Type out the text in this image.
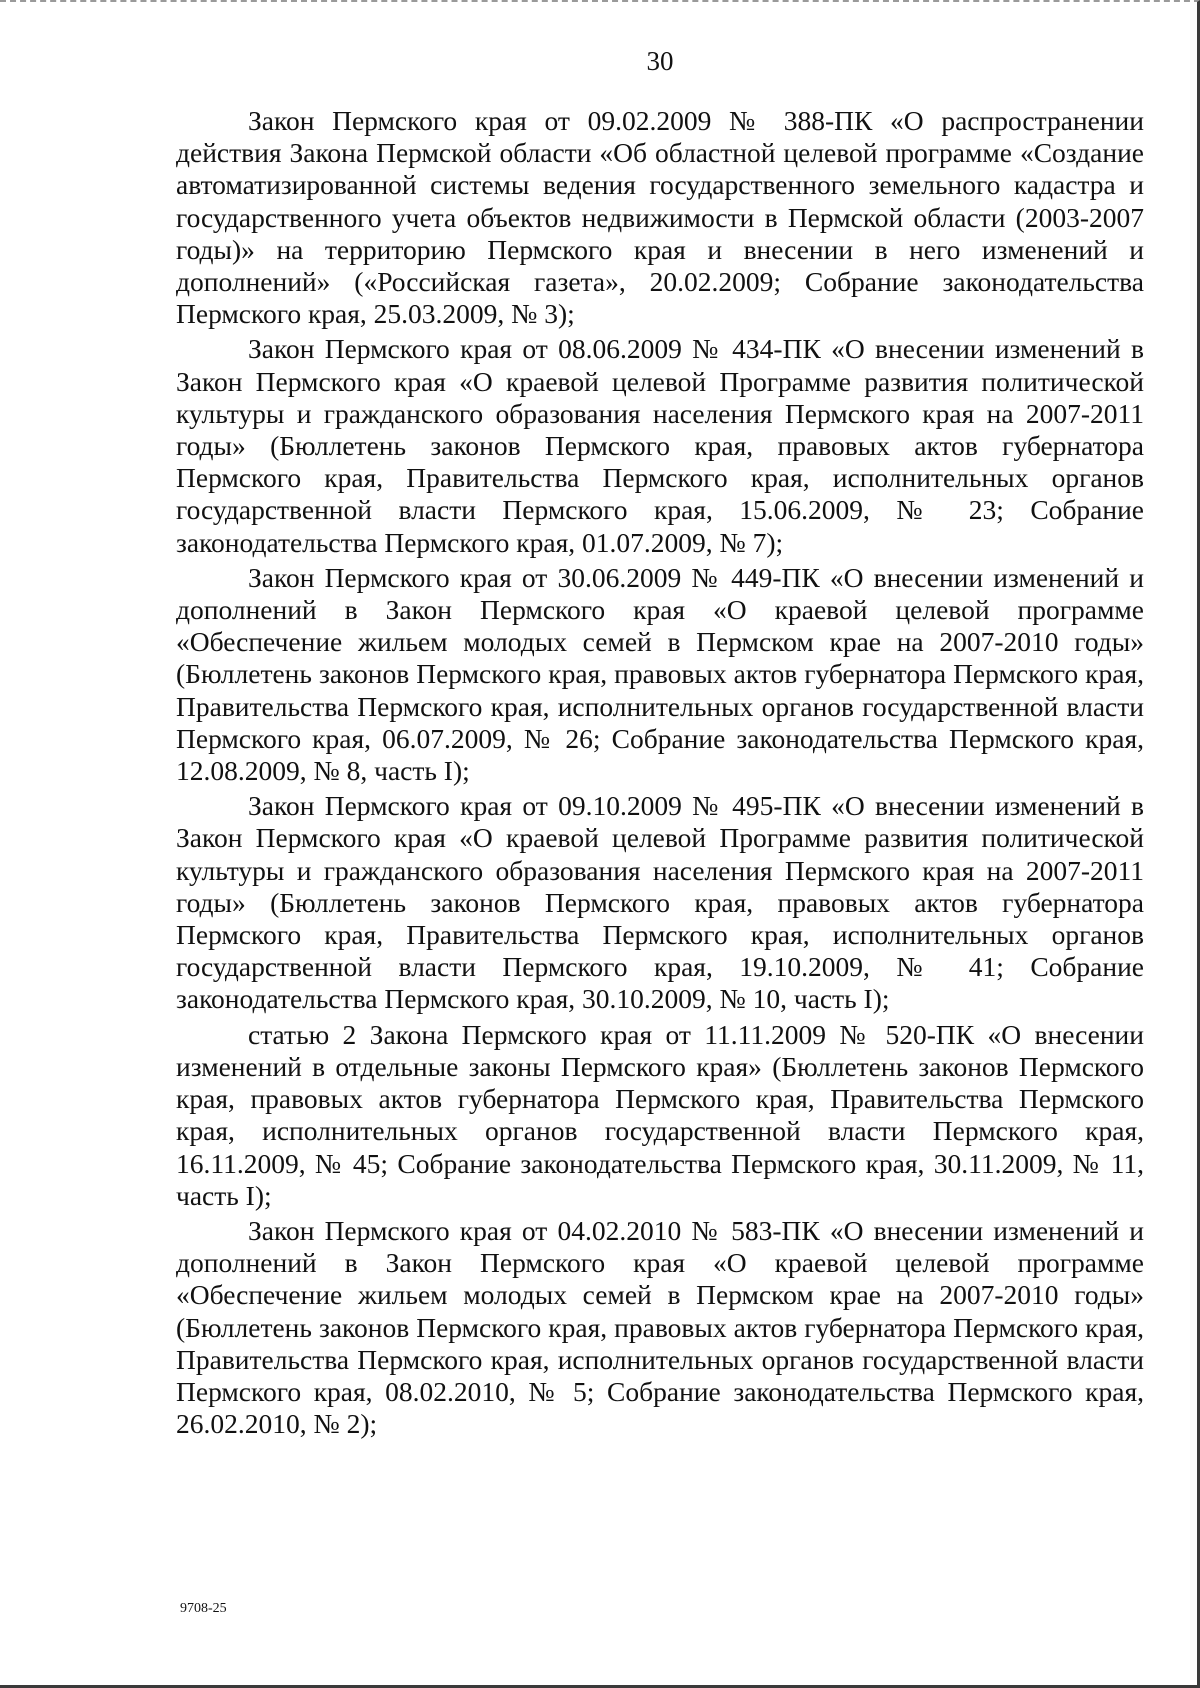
30

Закон Пермского края от 09.02.2009 № 388-ПК «О распространении действия Закона Пермской области «Об областной целевой программе «Создание автоматизированной системы ведения государственного земельного кадастра и государственного учета объектов недвижимости в Пермской области (2003-2007 годы)» на территорию Пермского края и внесении в него изменений и дополнений» («Российская газета», 20.02.2009; Собрание законодательства Пермского края, 25.03.2009, № 3);

Закон Пермского края от 08.06.2009 № 434-ПК «О внесении изменений в Закон Пермского края «О краевой целевой Программе развития политической культуры и гражданского образования населения Пермского края на 2007-2011 годы» (Бюллетень законов Пермского края, правовых актов губернатора Пермского края, Правительства Пермского края, исполнительных органов государственной власти Пермского края, 15.06.2009, № 23; Собрание законодательства Пермского края, 01.07.2009, № 7);

Закон Пермского края от 30.06.2009 № 449-ПК «О внесении изменений и дополнений в Закон Пермского края «О краевой целевой программе «Обеспечение жильем молодых семей в Пермском крае на 2007-2010 годы» (Бюллетень законов Пермского края, правовых актов губернатора Пермского края, Правительства Пермского края, исполнительных органов государственной власти Пермского края, 06.07.2009, № 26; Собрание законодательства Пермского края, 12.08.2009, № 8, часть I);

Закон Пермского края от 09.10.2009 № 495-ПК «О внесении изменений в Закон Пермского края «О краевой целевой Программе развития политической культуры и гражданского образования населения Пермского края на 2007-2011 годы» (Бюллетень законов Пермского края, правовых актов губернатора Пермского края, Правительства Пермского края, исполнительных органов государственной власти Пермского края, 19.10.2009, № 41; Собрание законодательства Пермского края, 30.10.2009, № 10, часть I);

статью 2 Закона Пермского края от 11.11.2009 № 520-ПК «О внесении изменений в отдельные законы Пермского края» (Бюллетень законов Пермского края, правовых актов губернатора Пермского края, Правительства Пермского края, исполнительных органов государственной власти Пермского края, 16.11.2009, № 45; Собрание законодательства Пермского края, 30.11.2009, № 11, часть I);

Закон Пермского края от 04.02.2010 № 583-ПК «О внесении изменений и дополнений в Закон Пермского края «О краевой целевой программе «Обеспечение жильем молодых семей в Пермском крае на 2007-2010 годы» (Бюллетень законов Пермского края, правовых актов губернатора Пермского края, Правительства Пермского края, исполнительных органов государственной власти Пермского края, 08.02.2010, № 5; Собрание законодательства Пермского края, 26.02.2010, № 2);

9708-25
